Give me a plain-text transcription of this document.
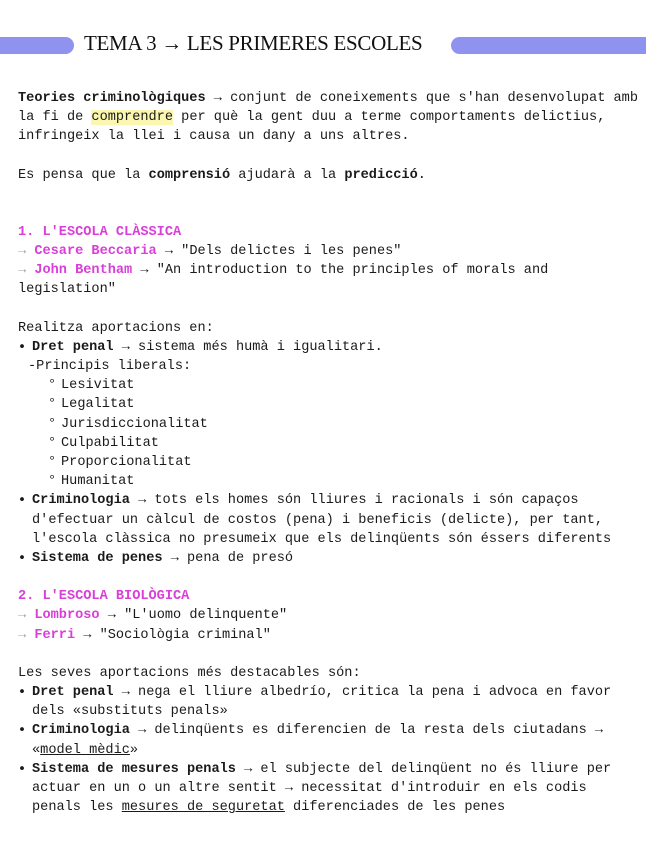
TEMA 3 → LES PRIMERES ESCOLES

Teories criminològiques → conjunt de coneixements que s'han desenvolupat amb la fi de comprendre per què la gent duu a terme comportaments delictius, infringeix la llei i causa un dany a uns altres.

Es pensa que la comprensió ajudarà a la predicció.

1. L'ESCOLA CLÀSSICA

→ Cesare Beccaria → "Dels delictes i les penes"

→ John Bentham → "An introduction to the principles of morals and legislation"

Realitza aportacions en:

• Dret penal → sistema més humà i igualitari.

-Principis liberals:

° Lesivitat

° Legalitat

° Jurisdiccionalitat

° Culpabilitat

° Proporcionalitat

° Humanitat

• Criminologia → tots els homes són lliures i racionals i són capaços d'efectuar un càlcul de costos (pena) i beneficis (delicte), per tant, l'escola clàssica no presumeix que els delinqüents són éssers diferents

• Sistema de penes → pena de presó

2. L'ESCOLA BIOLÒGICA

→ Lombroso → "L'uomo delinquente"

→ Ferri → "Sociològia criminal"

Les seves aportacions més destacables són:

• Dret penal → nega el lliure albedrío, critica la pena i advoca en favor dels «substituts penals»

• Criminologia → delinqüents es diferencien de la resta dels ciutadans → «model mèdic»

• Sistema de mesures penals → el subjecte del delinqüent no és lliure per actuar en un o un altre sentit → necessitat d'introduir en els codis penals les mesures de seguretat diferenciades de les penes
